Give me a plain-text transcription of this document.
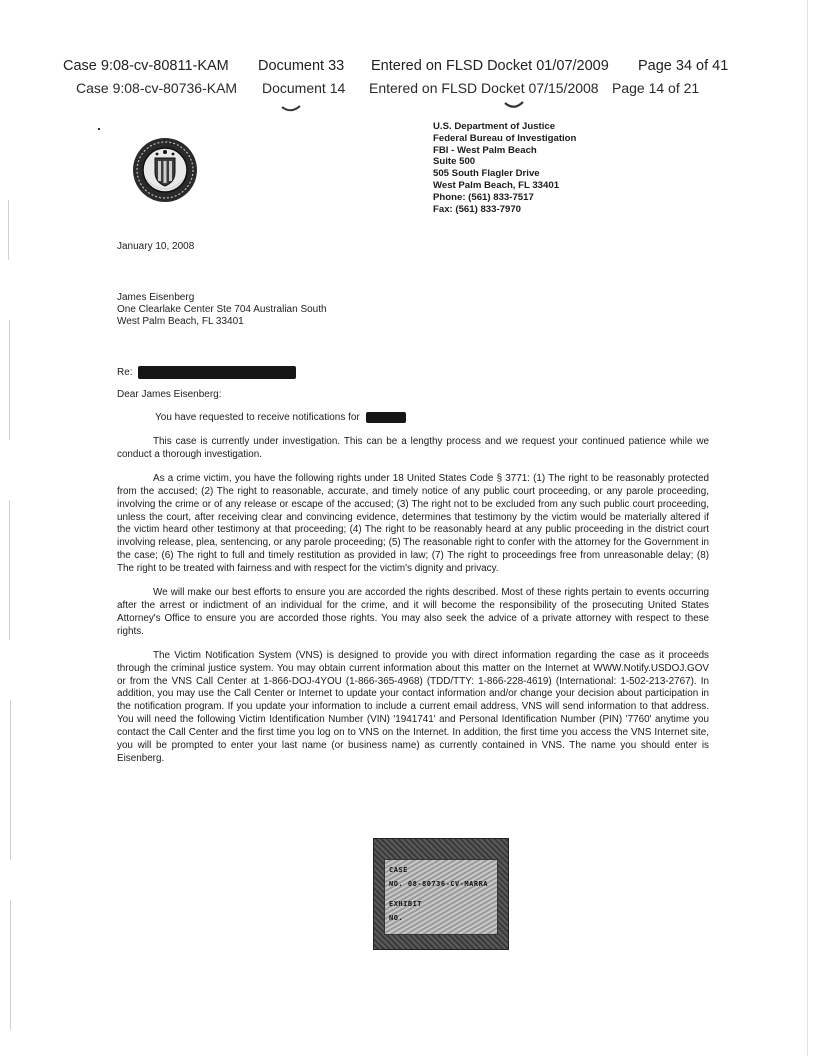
Case 9:08-cv-80811-KAM Document 33 Entered on FLSD Docket 01/07/2009 Page 34 of 41
Case 9:08-cv-80736-KAM Document 14 Entered on FLSD Docket 07/15/2008 Page 14 of 21
U.S. Department of Justice
Federal Bureau of Investigation
FBI - West Palm Beach
Suite 500
505 South Flagler Drive
West Palm Beach, FL 33401
Phone: (561) 833-7517
Fax: (561) 833-7970
January 10, 2008
James Eisenberg
One Clearlake Center Ste 704 Australian South
West Palm Beach, FL 33401
Re:
Dear James Eisenberg:
You have requested to receive notifications for

This case is currently under investigation. This can be a lengthy process and we request your continued patience while we conduct a thorough investigation.

As a crime victim, you have the following rights under 18 United States Code § 3771: (1) The right to be reasonably protected from the accused; (2) The right to reasonable, accurate, and timely notice of any public court proceeding, or any parole proceeding, involving the crime or of any release or escape of the accused; (3) The right not to be excluded from any such public court proceeding, unless the court, after receiving clear and convincing evidence, determines that testimony by the victim would be materially altered if the victim heard other testimony at that proceeding; (4) The right to be reasonably heard at any public proceeding in the district court involving release, plea, sentencing, or any parole proceeding; (5) The reasonable right to confer with the attorney for the Government in the case; (6) The right to full and timely restitution as provided in law; (7) The right to proceedings free from unreasonable delay; (8) The right to be treated with fairness and with respect for the victim's dignity and privacy.

We will make our best efforts to ensure you are accorded the rights described. Most of these rights pertain to events occurring after the arrest or indictment of an individual for the crime, and it will become the responsibility of the prosecuting United States Attorney's Office to ensure you are accorded those rights. You may also seek the advice of a private attorney with respect to these rights.

The Victim Notification System (VNS) is designed to provide you with direct information regarding the case as it proceeds through the criminal justice system. You may obtain current information about this matter on the Internet at WWW.Notify.USDOJ.GOV or from the VNS Call Center at 1-866-DOJ-4YOU (1-866-365-4968) (TDD/TTY: 1-866-228-4619) (International: 1-502-213-2767). In addition, you may use the Call Center or Internet to update your contact information and/or change your decision about participation in the notification program. If you update your information to include a current email address, VNS will send information to that address. You will need the following Victim Identification Number (VIN) '1941741' and Personal Identification Number (PIN) '7760' anytime you contact the Call Center and the first time you log on to VNS on the Internet. In addition, the first time you access the VNS Internet site, you will be prompted to enter your last name (or business name) as currently contained in VNS. The name you should enter is Eisenberg.

CASE
NO. 08-80736-CV-MARRA
EXHIBIT
NO.
